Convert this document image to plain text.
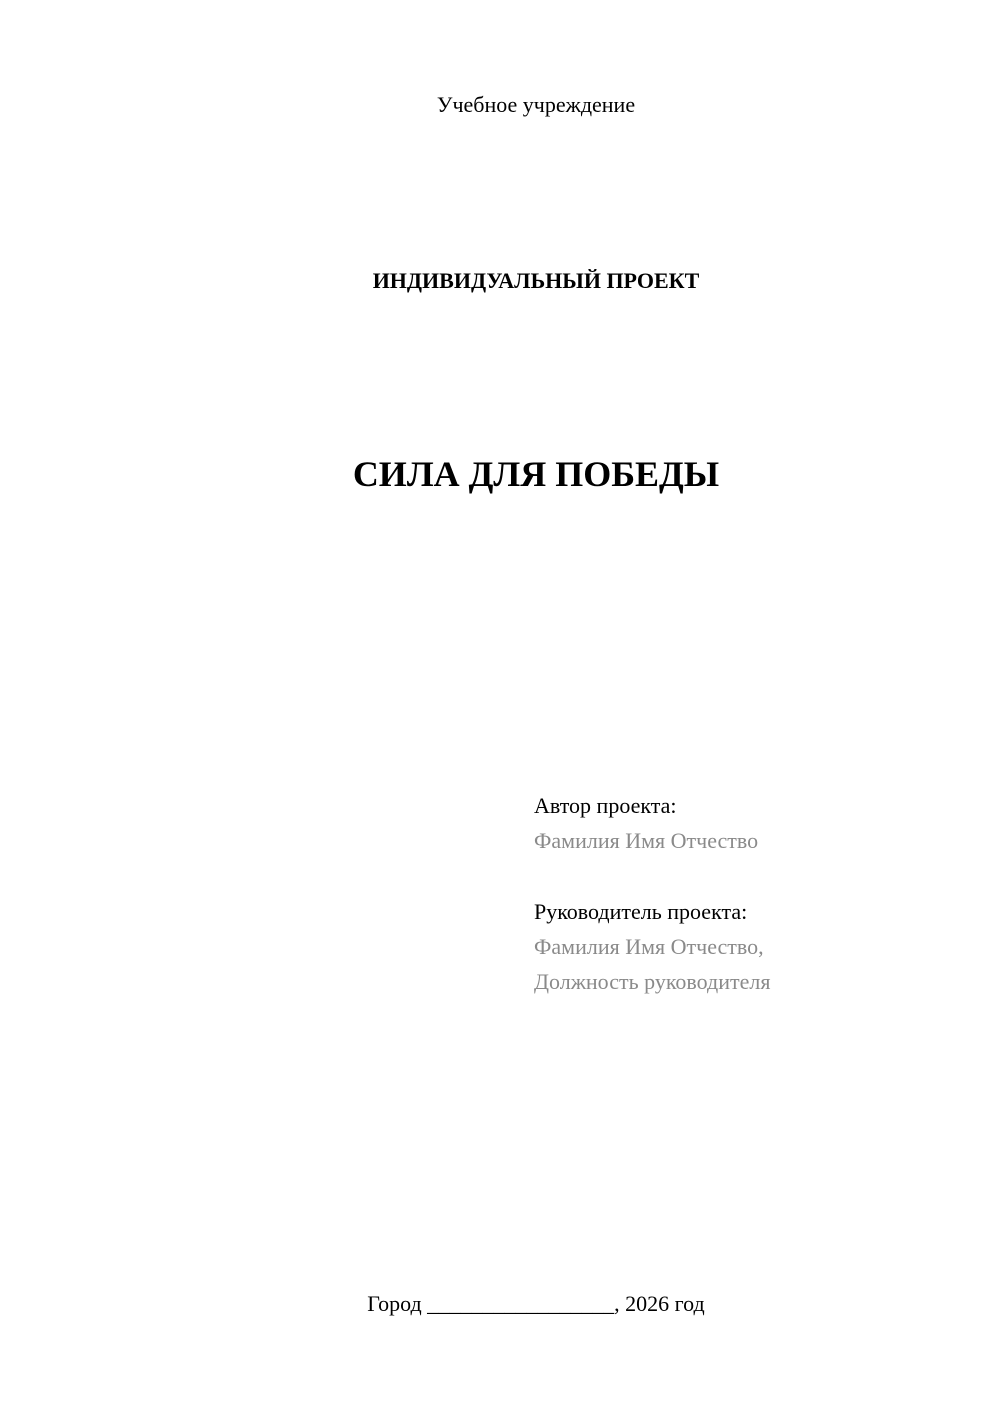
Учебное учреждение
ИНДИВИДУАЛЬНЫЙ ПРОЕКТ
СИЛА ДЛЯ ПОБЕДЫ
Автор проекта:
Фамилия Имя Отчество
Руководитель проекта:
Фамилия Имя Отчество,
Должность руководителя
Город _________________, 2026 год
